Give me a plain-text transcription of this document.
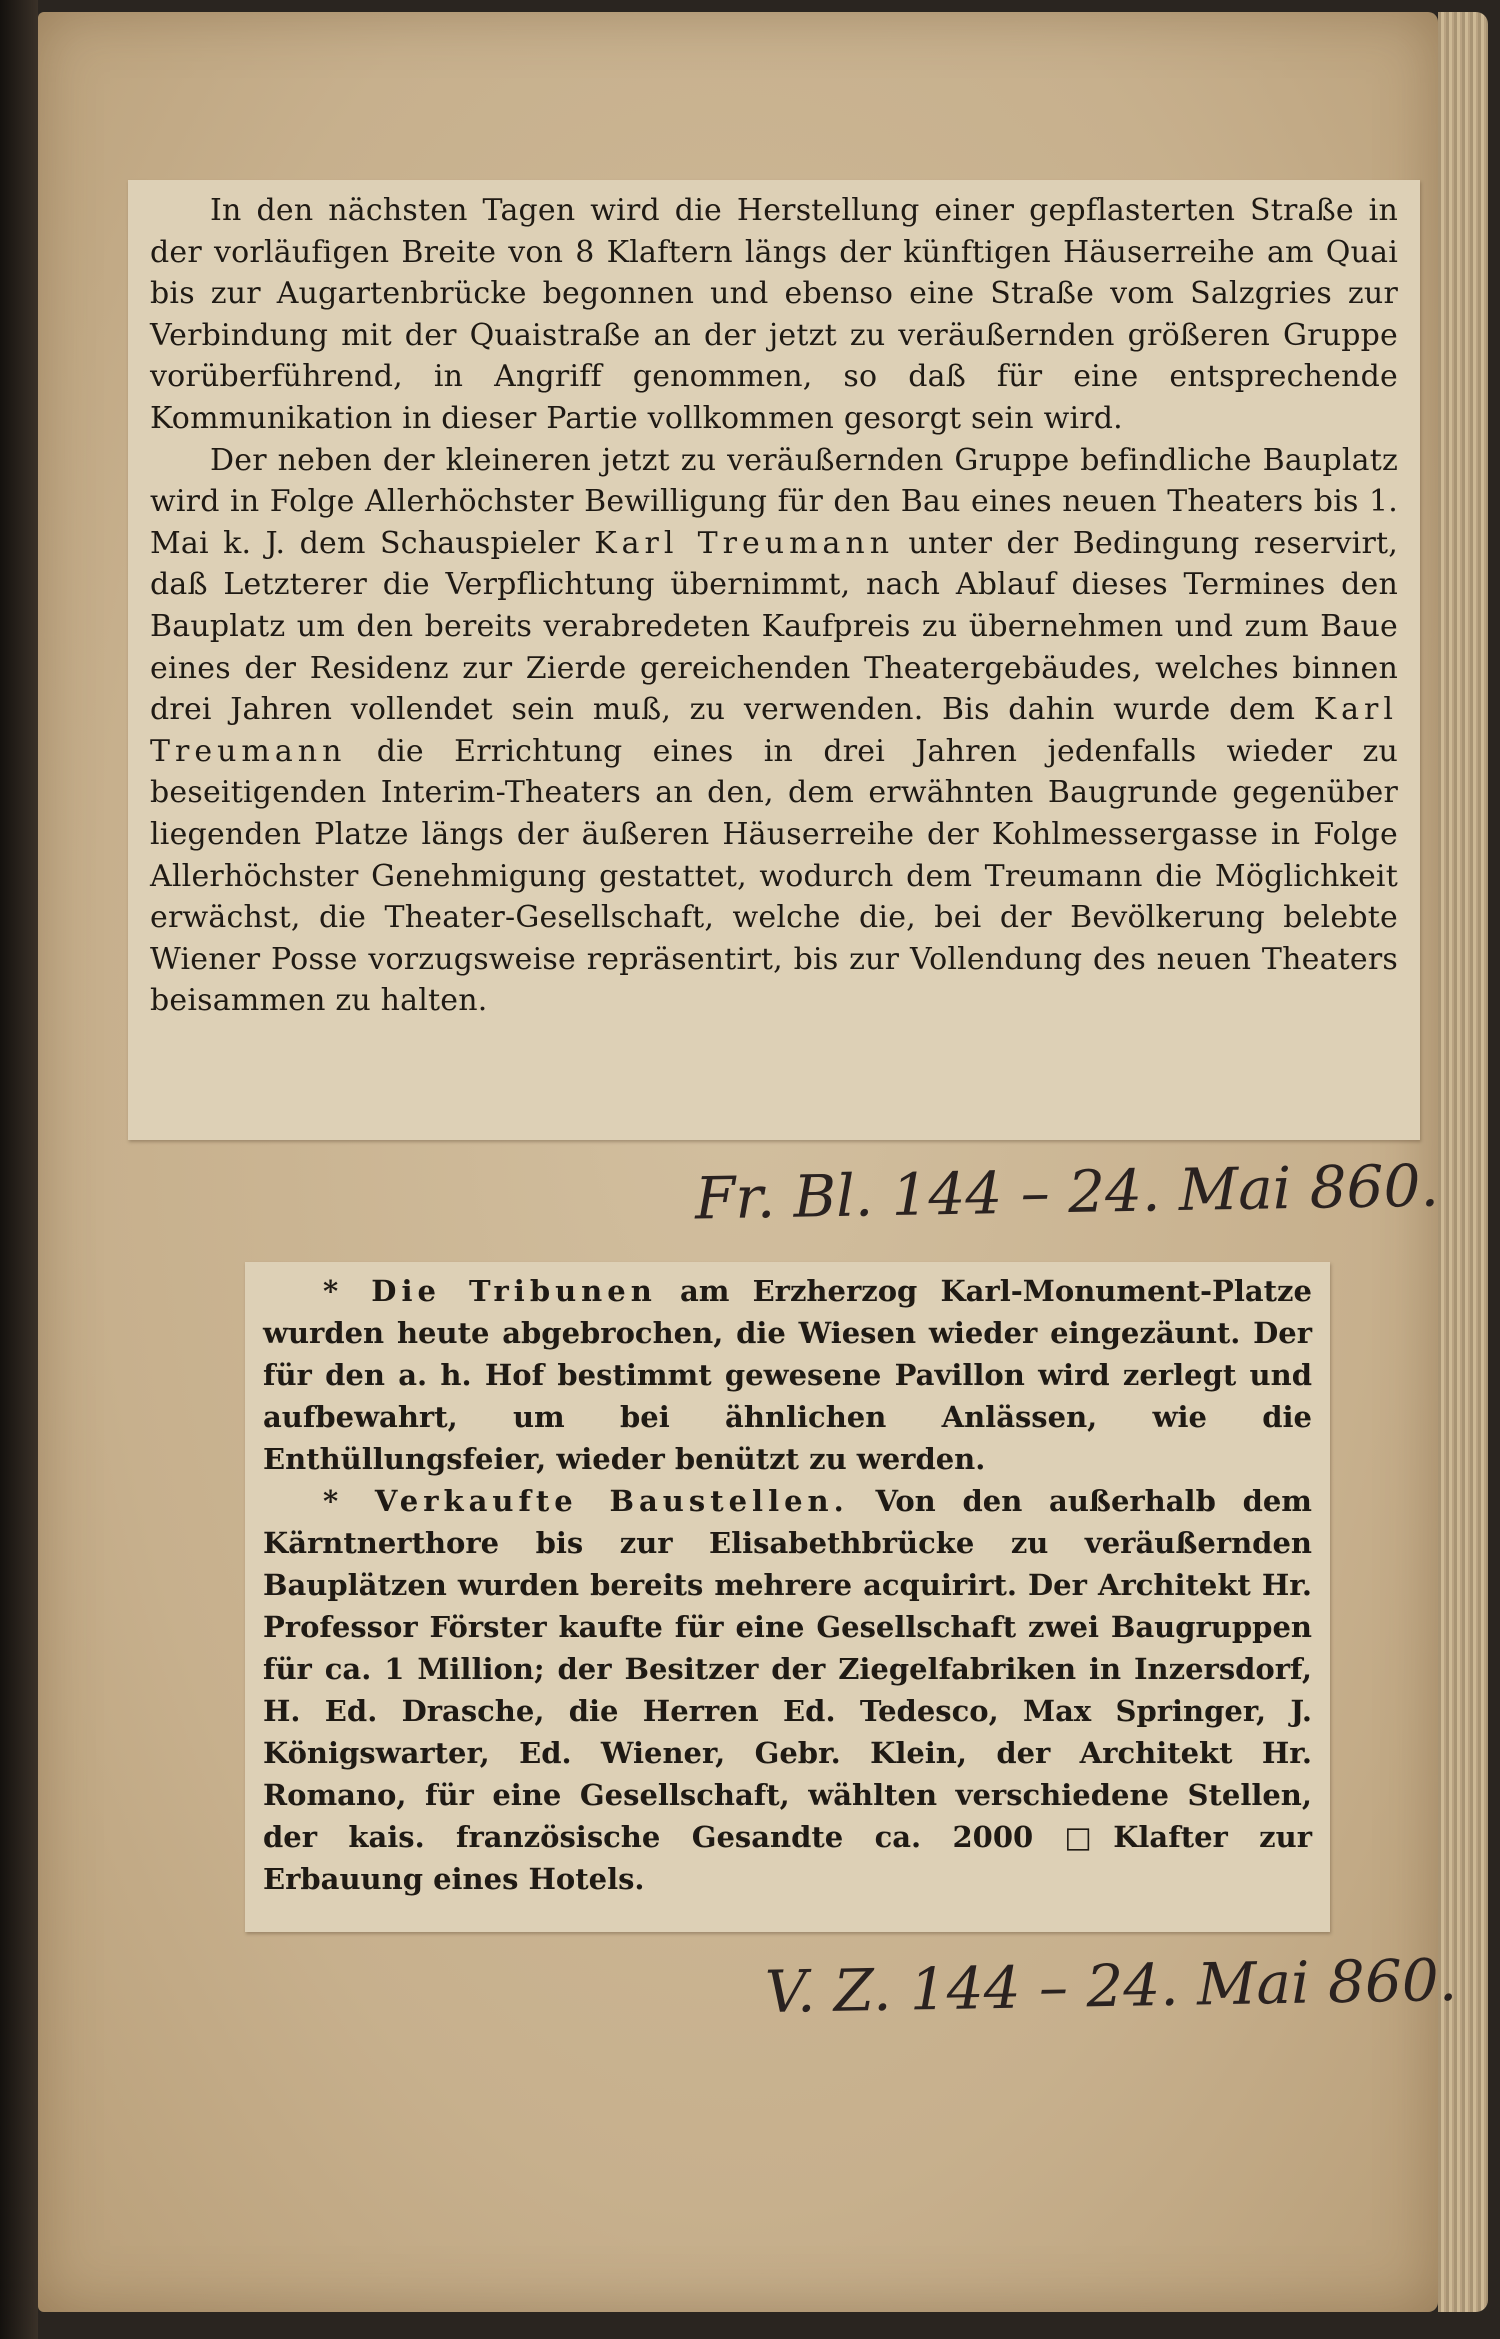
In den nächsten Tagen wird die Herstellung einer gepflasterten Straße in der vorläufigen Breite von 8 Klaftern längs der künftigen Häuserreihe am Quai bis zur Augartenbrücke begonnen und ebenso eine Straße vom Salzgries zur Verbindung mit der Quaistraße an der jetzt zu veräußernden größeren Gruppe vorüberführend, in Angriff genommen, so daß für eine entsprechende Kommunikation in dieser Partie vollkommen gesorgt sein wird.

Der neben der kleineren jetzt zu veräußernden Gruppe befindliche Bauplatz wird in Folge Allerhöchster Bewilligung für den Bau eines neuen Theaters bis 1. Mai k. J. dem Schauspieler Karl Treumann unter der Bedingung reservirt, daß Letzterer die Verpflichtung übernimmt, nach Ablauf dieses Termines den Bauplatz um den bereits verabredeten Kaufpreis zu übernehmen und zum Baue eines der Residenz zur Zierde gereichenden Theatergebäudes, welches binnen drei Jahren vollendet sein muß, zu verwenden. Bis dahin wurde dem Karl Treumann die Errichtung eines in drei Jahren jedenfalls wieder zu beseitigenden Interim-Theaters an den, dem erwähnten Baugrunde gegenüber liegenden Platze längs der äußeren Häuserreihe der Kohlmessergasse in Folge Allerhöchster Genehmigung gestattet, wodurch dem Treumann die Möglichkeit erwächst, die Theater-Gesellschaft, welche die, bei der Bevölkerung belebte Wiener Posse vorzugsweise repräsentirt, bis zur Vollendung des neuen Theaters beisammen zu halten.

Fr. Bl. 144 – 24. Mai 860.

* Die Tribunen am Erzherzog Karl-Monument-Platze wurden heute abgebrochen, die Wiesen wieder eingezäunt. Der für den a. h. Hof bestimmt gewesene Pavillon wird zerlegt und aufbewahrt, um bei ähnlichen Anlässen, wie die Enthüllungsfeier, wieder benützt zu werden.

* Verkaufte Baustellen. Von den außerhalb dem Kärntnerthore bis zur Elisabethbrücke zu veräußernden Bauplätzen wurden bereits mehrere acquirirt. Der Architekt Hr. Professor Förster kaufte für eine Gesellschaft zwei Baugruppen für ca. 1 Million; der Besitzer der Ziegelfabriken in Inzersdorf, H. Ed. Drasche, die Herren Ed. Tedesco, Max Springer, J. Königswarter, Ed. Wiener, Gebr. Klein, der Architekt Hr. Romano, für eine Gesellschaft, wählten verschiedene Stellen, der kais. französische Gesandte ca. 2000 □Klafter zur Erbauung eines Hotels.

V. Z. 144 – 24. Mai 860.
